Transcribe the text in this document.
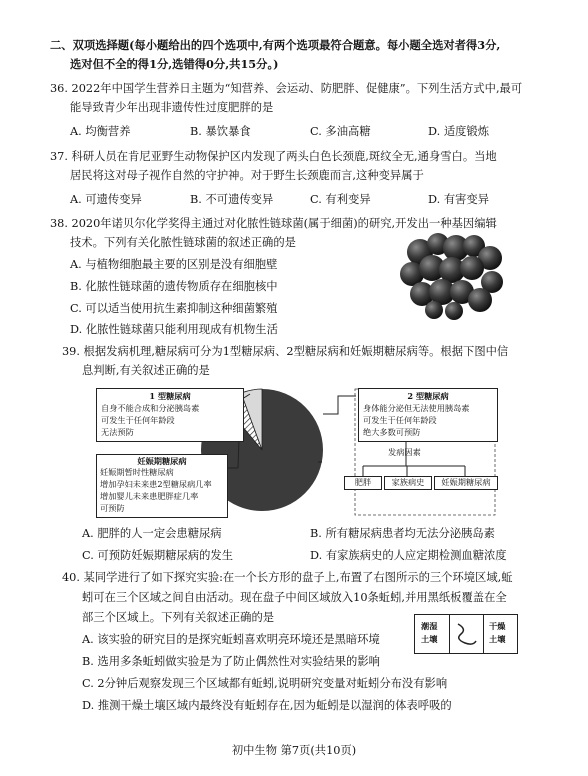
二、双项选择题(每小题给出的四个选项中,有两个选项最符合题意。每小题全选对者得3分,
选对但不全的得1分,选错得0分,共15分。)
36. 2022年中国学生营养日主题为“知营养、会运动、防肥胖、促健康”。下列生活方式中,最可
能导致青少年出现非遗传性过度肥胖的是
A. 均衡营养	B. 暴饮暴食	C. 多油高糖	D. 适度锻炼
37. 科研人员在肯尼亚野生动物保护区内发现了两头白色长颈鹿,斑纹全无,通身雪白。当地
居民将这对母子视作自然的守护神。对于野生长颈鹿而言,这种变异属于
A. 可遗传变异	B. 不可遗传变异	C. 有利变异	D. 有害变异
38. 2020年诺贝尔化学奖得主通过对化脓性链球菌(属于细菌)的研究,开发出一种基因编辑
技术。下列有关化脓性链球菌的叙述正确的是
A. 与植物细胞最主要的区别是没有细胞壁
B. 化脓性链球菌的遗传物质存在细胞核中
C. 可以适当使用抗生素抑制这种细菌繁殖
D. 化脓性链球菌只能利用现成有机物生活
39. 根据发病机理,糖尿病可分为1型糖尿病、2型糖尿病和妊娠期糖尿病等。根据下图中信
息判断,有关叙述正确的是
1 型糖尿病
自身不能合成和分泌胰岛素
可发生于任何年龄段
无法预防
妊娠期糖尿病
妊娠期暂时性糖尿病
增加孕妇未来患2型糖尿病几率
增加婴儿未来患肥胖症几率
可预防
2 型糖尿病
身体能分泌但无法使用胰岛素
可发生于任何年龄段
绝大多数可预防
发病因素
肥胖	家族病史	妊娠期糖尿病
A. 肥胖的人一定会患糖尿病	B. 所有糖尿病患者均无法分泌胰岛素
C. 可预防妊娠期糖尿病的发生	D. 有家族病史的人应定期检测血糖浓度
40. 某同学进行了如下探究实验:在一个长方形的盘子上,布置了右图所示的三个环境区域,蚯
蚓可在三个区域之间自由活动。现在盘子中间区域放入10条蚯蚓,并用黑纸板覆盖在全
部三个区域上。下列有关叙述正确的是
潮湿
土壤
干燥
土壤
A. 该实验的研究目的是探究蚯蚓喜欢明亮环境还是黑暗环境
B. 选用多条蚯蚓做实验是为了防止偶然性对实验结果的影响
C. 2分钟后观察发现三个区域都有蚯蚓,说明研究变量对蚯蚓分布没有影响
D. 推测干燥土壤区域内最终没有蚯蚓存在,因为蚯蚓是以湿润的体表呼吸的
初中生物 第7页(共10页)
